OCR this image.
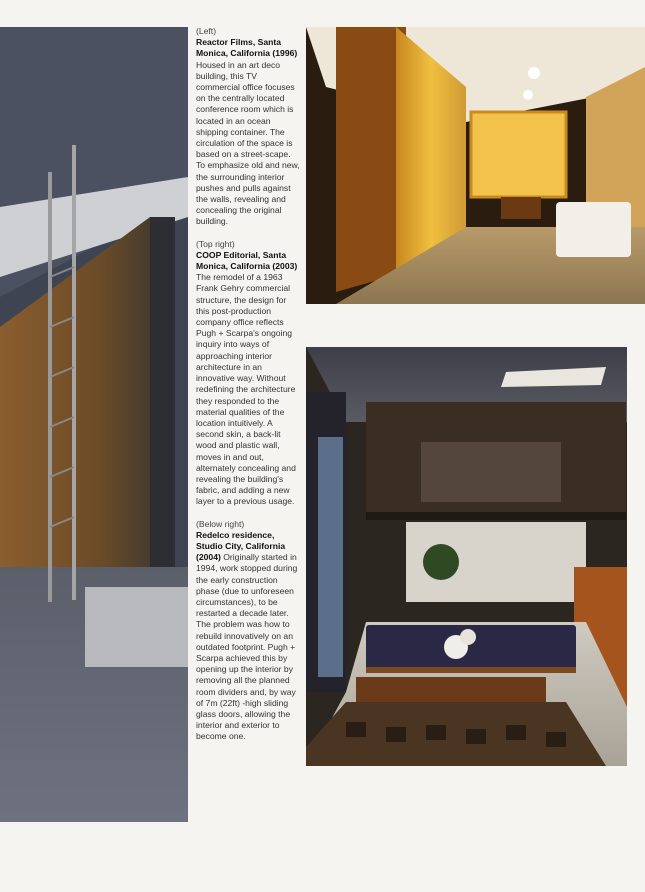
(Left)
Reactor Films, Santa Monica, California (1996) Housed in an art deco building, this TV commercial office focuses on the centrally located conference room which is located in an ocean shipping container. The circulation of the space is based on a street-scape. To emphasize old and new, the surrounding interior pushes and pulls against the walls, revealing and concealing the original building.

(Top right)
COOP Editorial, Santa Monica, California (2003) The remodel of a 1963 Frank Gehry commercial structure, the design for this post-production company office reflects Pugh + Scarpa's ongoing inquiry into ways of approaching interior architecture in an innovative way. Without redefining the architecture they responded to the material qualities of the location intuitively. A second skin, a back-lit wood and plastic wall, moves in and out, alternately concealing and revealing the building's fabric, and adding a new layer to a previous usage.

(Below right)
Redelco residence, Studio City, California (2004) Originally started in 1994, work stopped during the early construction phase (due to unforeseen circumstances), to be restarted a decade later. The problem was how to rebuild innovatively on an outdated footprint. Pugh + Scarpa achieved this by opening up the interior by removing all the planned room dividers and, by way of 7m (22ft) -high sliding glass doors, allowing the interior and exterior to become one.
